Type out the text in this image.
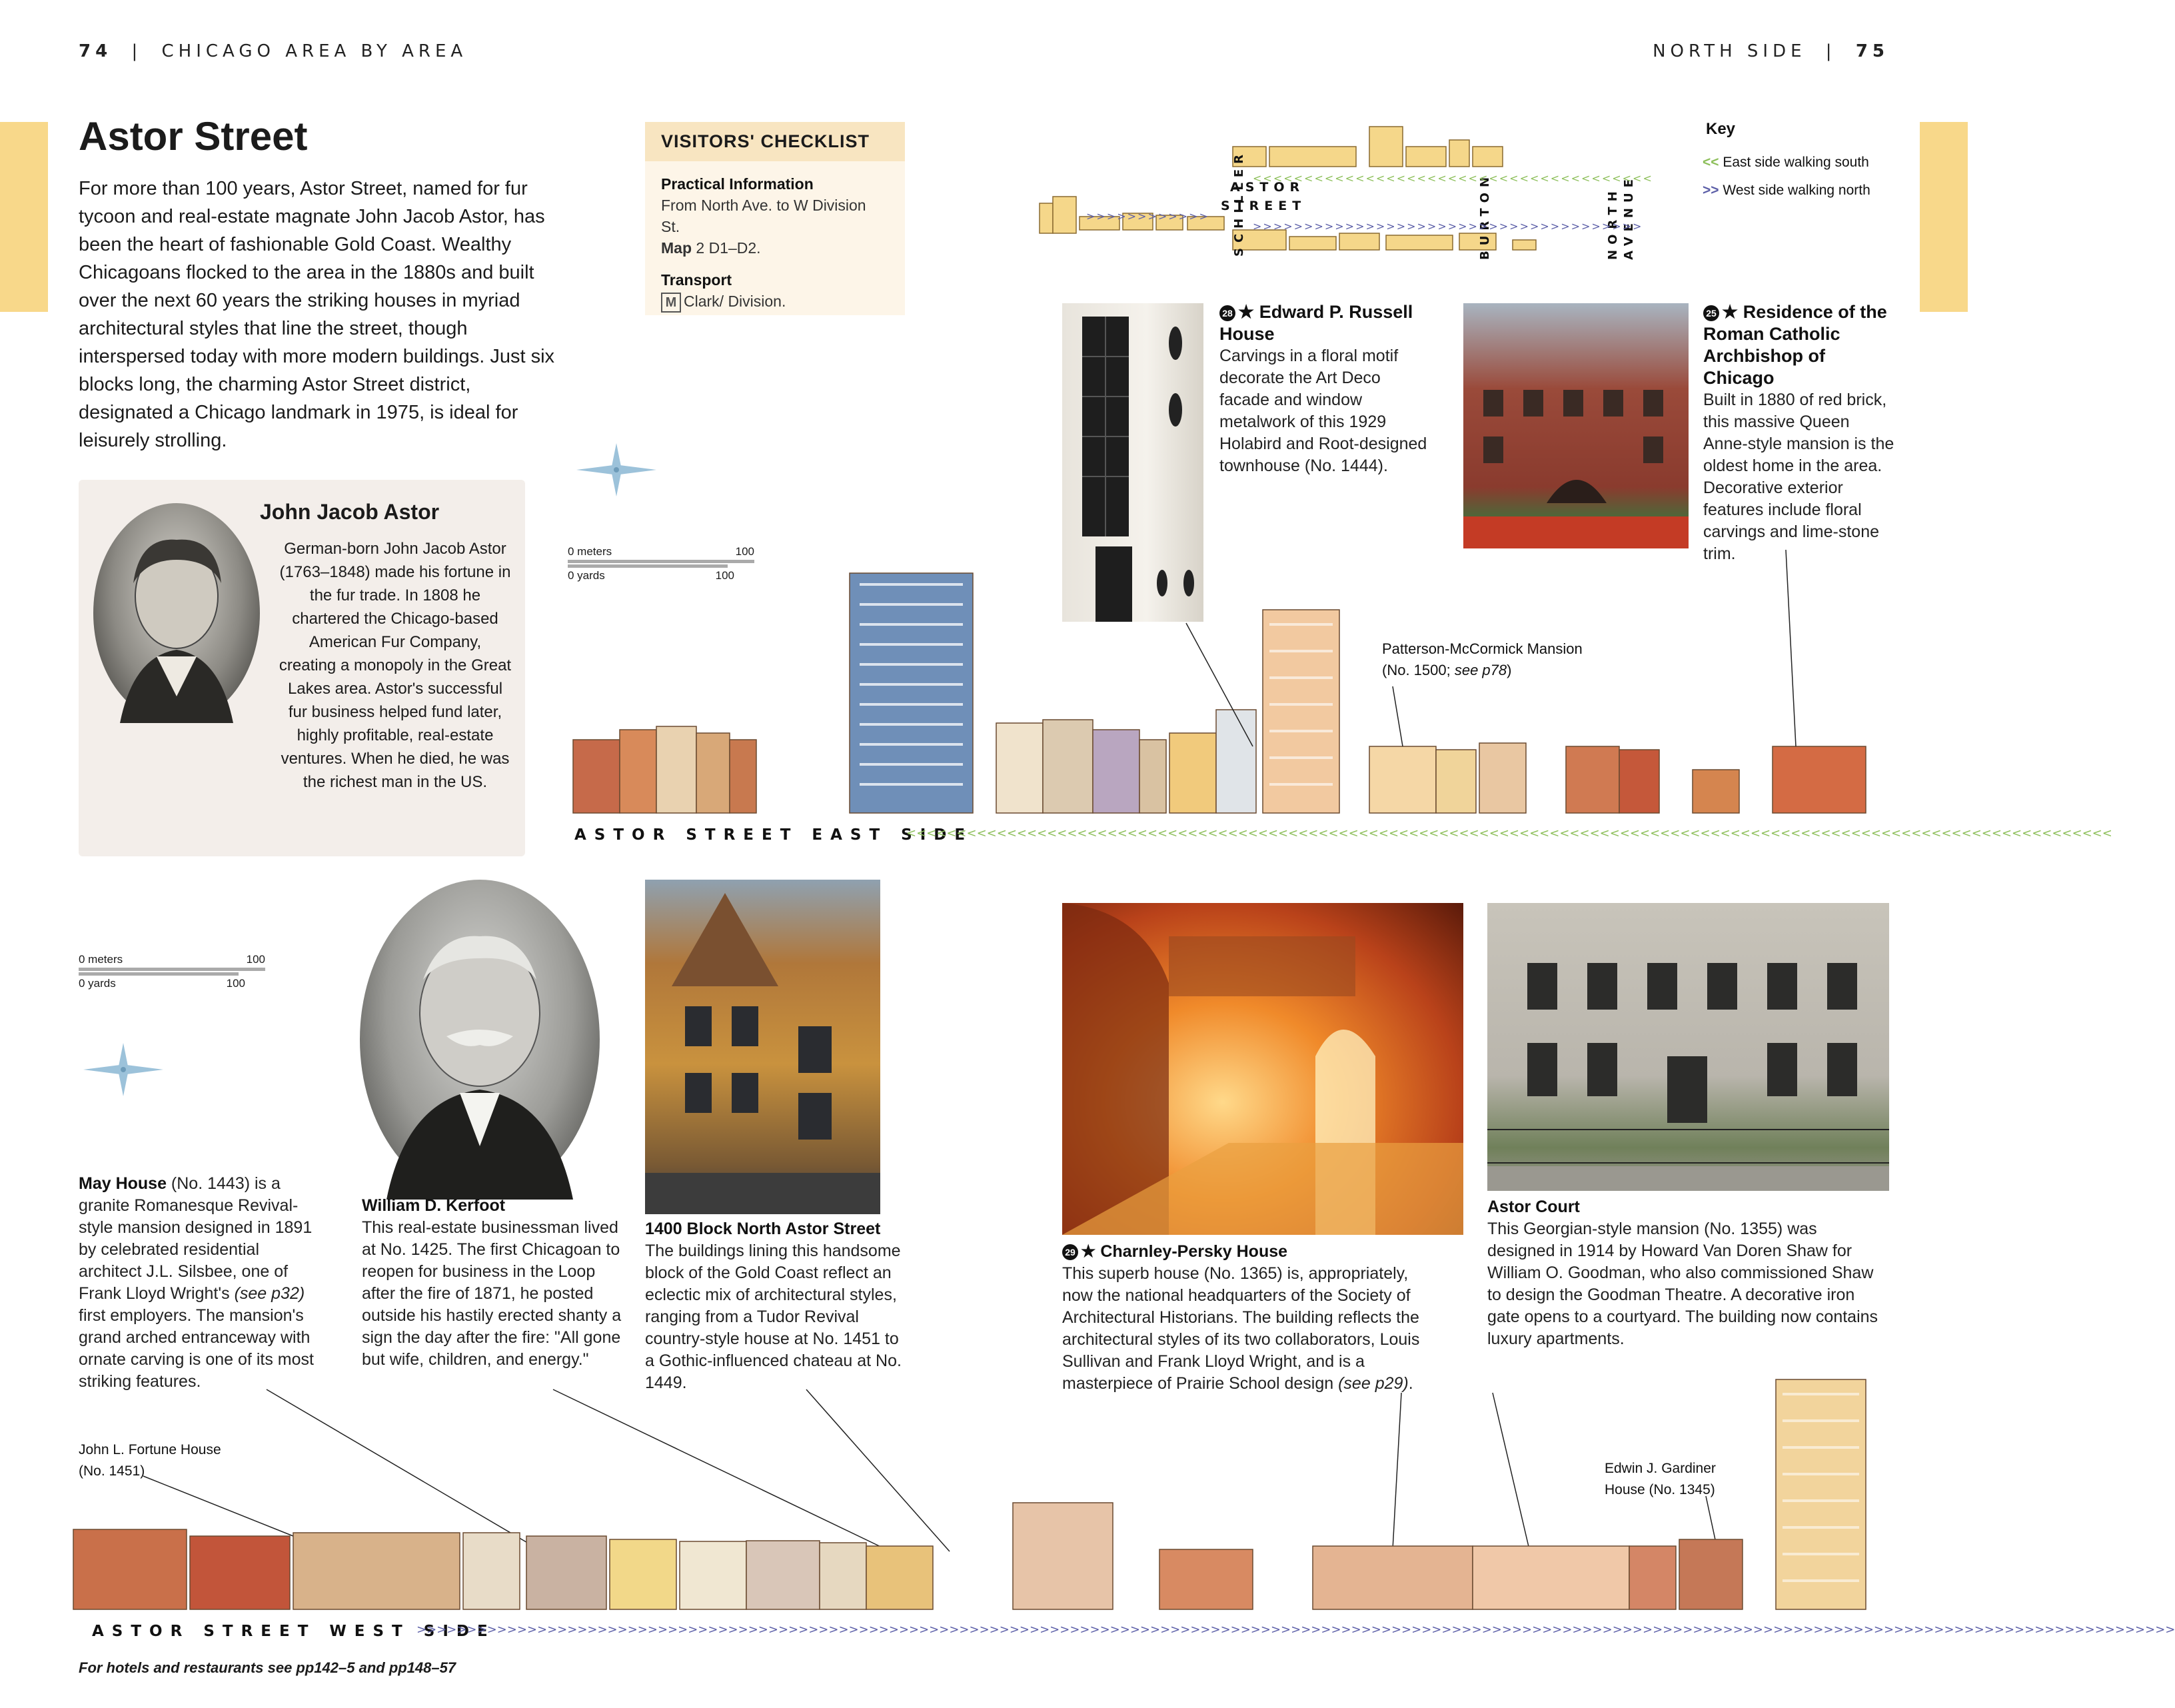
74 | CHICAGO AREA BY AREA	NORTH SIDE | 75
Astor Street
For more than 100 years, Astor Street, named for fur tycoon and real-estate magnate John Jacob Astor, has been the heart of fashionable Gold Coast. Wealthy Chicagoans flocked to the area in the 1880s and built over the next 60 years the striking houses in myriad architectural styles that line the street, though interspersed today with more modern buildings. Just six blocks long, the charming Astor Street district, designated a Chicago landmark in 1975, is ideal for leisurely strolling.
VISITORS' CHECKLIST
Practical Information
From North Ave. to W Division St.
Map 2 D1–D2.
Transport
M Clark/ Division.
ASTOR
STREET
SCHILLER	BURTON	NORTH AVENUE
<<<<<<<<<<<<<<<<<<<<<<<<<<<<<<<<<<<<<<<
>>>>>>>>>>>>
>>>>>>>>>>>>>>>>>>>>>>>>>>>>>>>>>>>>>>
Key
<< East side walking south
>> West side walking north
John Jacob Astor
German-born John Jacob Astor (1763–1848) made his fortune in the fur trade. In 1808 he chartered the Chicago-based American Fur Company, creating a monopoly in the Great Lakes area. Astor's successful fur business helped fund later, highly profitable, real-estate ventures. When he died, he was the richest man in the US.
0 meters	100
0 yards	100
0 meters	100
0 yards	100
28 ★ Edward P. Russell House
Carvings in a floral motif decorate the Art Deco facade and window metalwork of this 1929 Holabird and Root-designed townhouse (No. 1444).
25 ★ Residence of the Roman Catholic Archbishop of Chicago
Built in 1880 of red brick, this massive Queen Anne-style mansion is the oldest home in the area. Decorative exterior features include floral carvings and lime-stone trim.
Patterson-McCormick Mansion
(No. 1500; see p78)
ASTOR STREET EAST SIDE
<<<<<<<<<<<<<<<<<<<<<<<<<<<<<<<<<<<<<<<<<<<<<<<<<<<<<<<<<<<<<<<<<<<<<<<<<<<<<<<<<<<<<<<<<<<<<<<<<<<<<<<<<<<<<<<<<<<<<<<<
May House (No. 1443) is a granite Romanesque Revival-style mansion designed in 1891 by celebrated residential architect J.L. Silsbee, one of Frank Lloyd Wright's (see p32) first employers. The mansion's grand arched entranceway with ornate carving is one of its most striking features.
William D. Kerfoot
This real-estate businessman lived at No. 1425. The first Chicagoan to reopen for business in the Loop after the fire of 1871, he posted outside his hastily erected shanty a sign the day after the fire: "All gone but wife, children, and energy."
1400 Block North Astor Street
The buildings lining this handsome block of the Gold Coast reflect an eclectic mix of architectural styles, ranging from a Tudor Revival country-style house at No. 1451 to a Gothic-influenced chateau at No. 1449.
29 ★ Charnley-Persky House
This superb house (No. 1365) is, appropriately, now the national headquarters of the Society of Architectural Historians. The building reflects the architectural styles of its two collaborators, Louis Sullivan and Frank Lloyd Wright, and is a masterpiece of Prairie School design (see p29).
Astor Court
This Georgian-style mansion (No. 1355) was designed in 1914 by Howard Van Doren Shaw for William O. Goodman, who also commissioned Shaw to design the Goodman Theatre. A decorative iron gate opens to a courtyard. The building now contains luxury apartments.
John L. Fortune House
(No. 1451)	Edwin J. Gardiner
House (No. 1345)
ASTOR STREET WEST SIDE
>>>>>>>>>>>>>>>>>>>>>>>>>>>>>>>>>>>>>>>>>>>>>>>>>>>>>>>>>>>>>>>>>>>>>>>>>>>>>>>>>>>>>>>>>>>>>>>>>>>>>>>>>>>>>>>>>>>>>>>>>>>>>>>>>>>>>>>>>>>>>>>>>>>>>>>>>>>>>>>>>>>>>>>>>>>>>>>
For hotels and restaurants see pp142–5 and pp148–57
